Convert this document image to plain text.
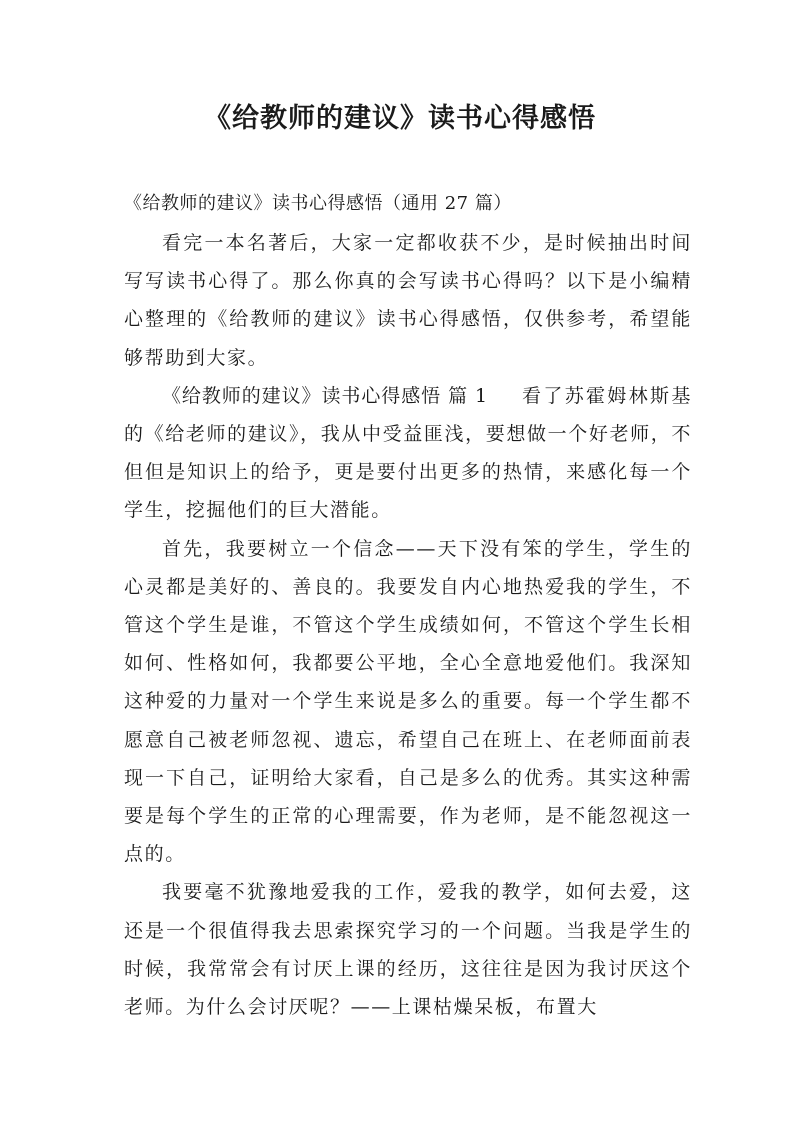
《给教师的建议》读书心得感悟

《给教师的建议》读书心得感悟（通用 27 篇）

看完一本名著后，大家一定都收获不少，是时候抽出时间写写读书心得了。那么你真的会写读书心得吗？以下是小编精心整理的《给教师的建议》读书心得感悟，仅供参考，希望能够帮助到大家。

《给教师的建议》读书心得感悟 篇 1 看了苏霍姆林斯基的《给老师的建议》，我从中受益匪浅，要想做一个好老师，不但但是知识上的给予，更是要付出更多的热情，来感化每一个学生，挖掘他们的巨大潜能。

首先，我要树立一个信念——天下没有笨的学生，学生的心灵都是美好的、善良的。我要发自内心地热爱我的学生，不管这个学生是谁，不管这个学生成绩如何，不管这个学生长相如何、性格如何，我都要公平地，全心全意地爱他们。我深知这种爱的力量对一个学生来说是多么的重要。每一个学生都不愿意自己被老师忽视、遗忘，希望自己在班上、在老师面前表现一下自己，证明给大家看，自己是多么的优秀。其实这种需要是每个学生的正常的心理需要，作为老师，是不能忽视这一点的。

我要毫不犹豫地爱我的工作，爱我的教学，如何去爱，这还是一个很值得我去思索探究学习的一个问题。当我是学生的时候，我常常会有讨厌上课的经历，这往往是因为我讨厌这个老师。为什么会讨厌呢？——上课枯燥呆板，布置大
